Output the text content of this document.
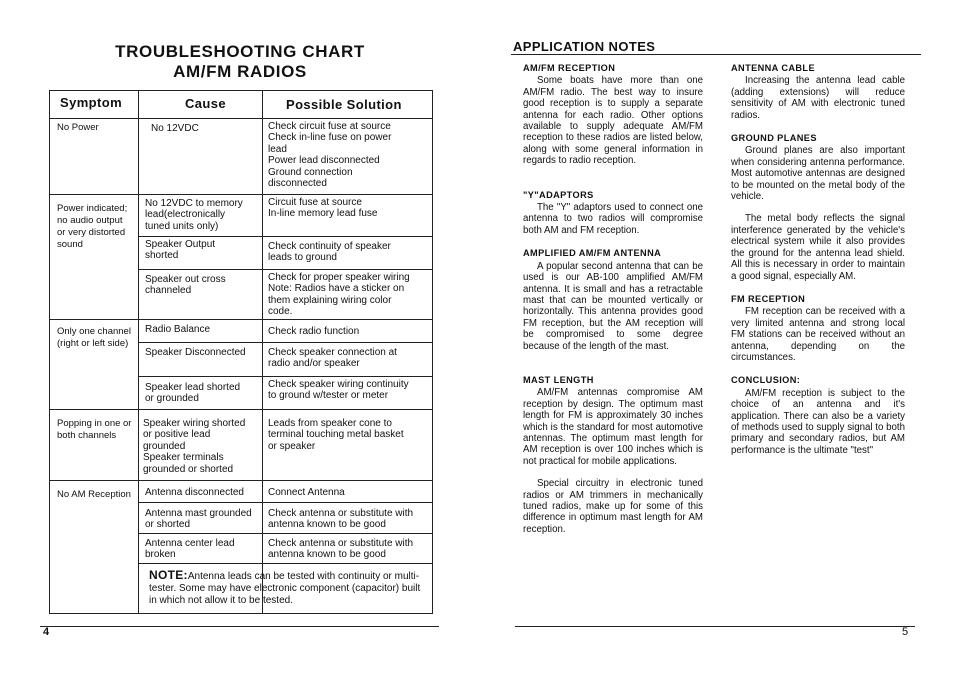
TROUBLESHOOTING CHART
AM/FM RADIOS
Symptom	Cause	Possible Solution
No Power
Power indicated;
no audio output
or very distorted
sound
Only one channel
(right or left side)
Popping in one or
both channels
No AM Reception
No 12VDC
No 12VDC to memory
lead(electronically
tuned units only)
Speaker Output
shorted
Speaker out cross
channeled
Radio Balance
Speaker Disconnected
Speaker lead shorted
or grounded
Speaker wiring shorted
or positive lead
grounded
Speaker terminals
grounded or shorted
Antenna disconnected
Antenna mast grounded
or shorted
Antenna center lead
broken
Check circuit fuse at source
Check in-line fuse on power
lead
Power lead disconnected
Ground connection
disconnected
Circuit fuse at source
In-line memory lead fuse
Check continuity of speaker
leads to ground
Check for proper speaker wiring
Note: Radios have a sticker on
them explaining wiring color
code.
Check radio function
Check speaker connection at
radio and/or speaker
Check speaker wiring continuity
to ground w/tester or meter
Leads from speaker cone to
terminal touching metal basket
or speaker
Connect Antenna
Check antenna or substitute with
antenna known to be good
Check antenna or substitute with
antenna known to be good
NOTE:Antenna leads can be tested with continuity or multi-tester. Some may have electronic component (capacitor) built in which not allow it to be tested.
4
APPLICATION NOTES
AM/FM RECEPTION
Some boats have more than one AM/FM radio. The best way to insure good reception is to supply a separate antenna for each radio. Other options available to supply adequate AM/FM reception to these radios are listed below, along with some general information in regards to radio reception.
"Y"ADAPTORS
The "Y" adaptors used to connect one antenna to two radios will compromise both AM and FM reception.
AMPLIFIED AM/FM ANTENNA
A popular second antenna that can be used is our AB-100 amplified AM/FM antenna. It is small and has a retractable mast that can be mounted vertically or horizontally. This antenna provides good FM reception, but the AM reception will be compromised to some degree because of the length of the mast.
MAST LENGTH
AM/FM antennas compromise AM reception by design. The optimum mast length for FM is approximately 30 inches which is the standard for most automotive antennas. The optimum mast length for AM reception is over 100 inches which is not practical for mobile applications.
Special circuitry in electronic tuned radios or AM trimmers in mechanically tuned radios, make up for some of this difference in optimum mast length for AM reception.
ANTENNA CABLE
Increasing the antenna lead cable (adding extensions) will reduce sensitivity of AM with electronic tuned radios.
GROUND PLANES
Ground planes are also important when considering antenna performance. Most automotive antennas are designed to be mounted on the metal body of the vehicle.
The metal body reflects the signal interference generated by the vehicle's electrical system while it also provides the ground for the antenna lead shield. All this is necessary in order to maintain a good signal, especially AM.
FM RECEPTION
FM reception can be received with a very limited antenna and strong local FM stations can be received without an antenna, depending on the circumstances.
CONCLUSION:
AM/FM reception is subject to the choice of an antenna and it's application. There can also be a variety of methods used to supply signal to both primary and secondary radios, but AM performance is the ultimate "test"
5
